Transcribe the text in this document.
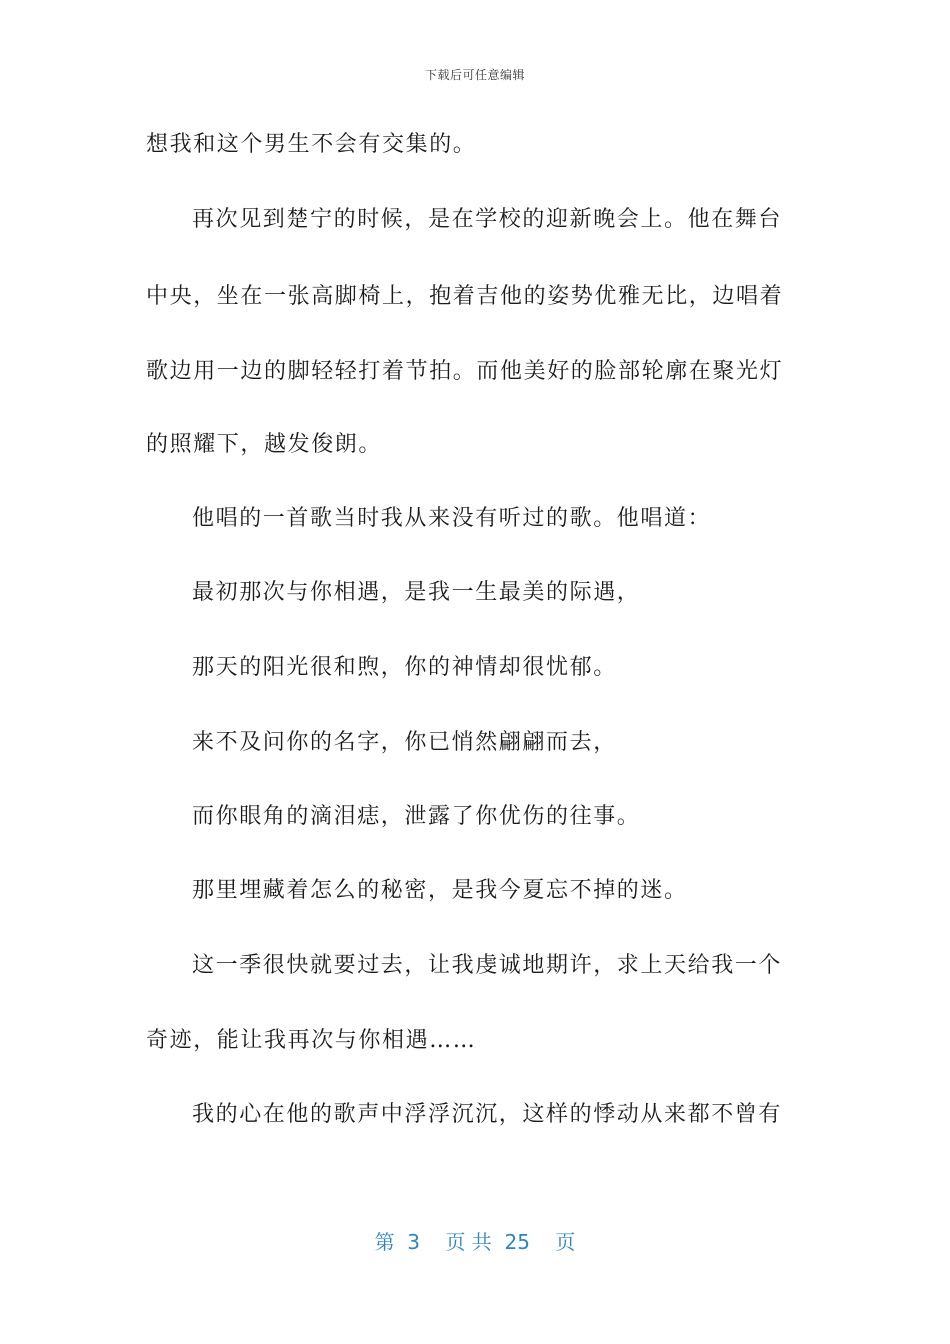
下载后可任意编辑
想我和这个男生不会有交集的。
再次见到楚宁的时候，是在学校的迎新晚会上。他在舞台
中央，坐在一张高脚椅上，抱着吉他的姿势优雅无比，边唱着
歌边用一边的脚轻轻打着节拍。而他美好的脸部轮廓在聚光灯
的照耀下，越发俊朗。
他唱的一首歌当时我从来没有听过的歌。他唱道：
最初那次与你相遇，是我一生最美的际遇，
那天的阳光很和煦，你的神情却很忧郁。
来不及问你的名字，你已悄然翩翩而去，
而你眼角的滴泪痣，泄露了你优伤的往事。
那里埋藏着怎么的秘密，是我今夏忘不掉的迷。
这一季很快就要过去，让我虔诚地期许，求上天给我一个
奇迹，能让我再次与你相遇……
我的心在他的歌声中浮浮沉沉，这样的悸动从来都不曾有
第  3    页 共  25    页
